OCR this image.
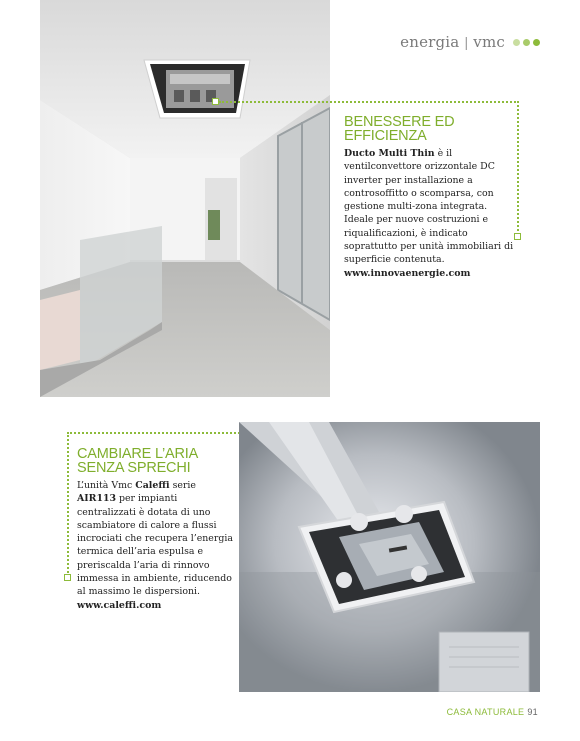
energia | vmc
BENESSERE ED EFFICIENZA

Ducto Multi Thin è il ventilconvettore orizzontale DC inverter per installazione a controsoffitto o scomparsa, con gestione multi-zona integrata. Ideale per nuove costruzioni e riqualificazioni, è indicato soprattutto per unità immobiliari di superficie contenuta.

www.innovaenergie.com
CAMBIARE L’ARIA
SENZA SPRECHI

L’unità Vmc Caleffi serie AIR113 per impianti centralizzati è dotata di uno scambiatore di calore a flussi incrociati che recupera l’energia termica dell’aria espulsa e preriscalda l’aria di rinnovo immessa in ambiente, riducendo al massimo le dispersioni.

www.caleffi.com
CASA NATURALE 91
